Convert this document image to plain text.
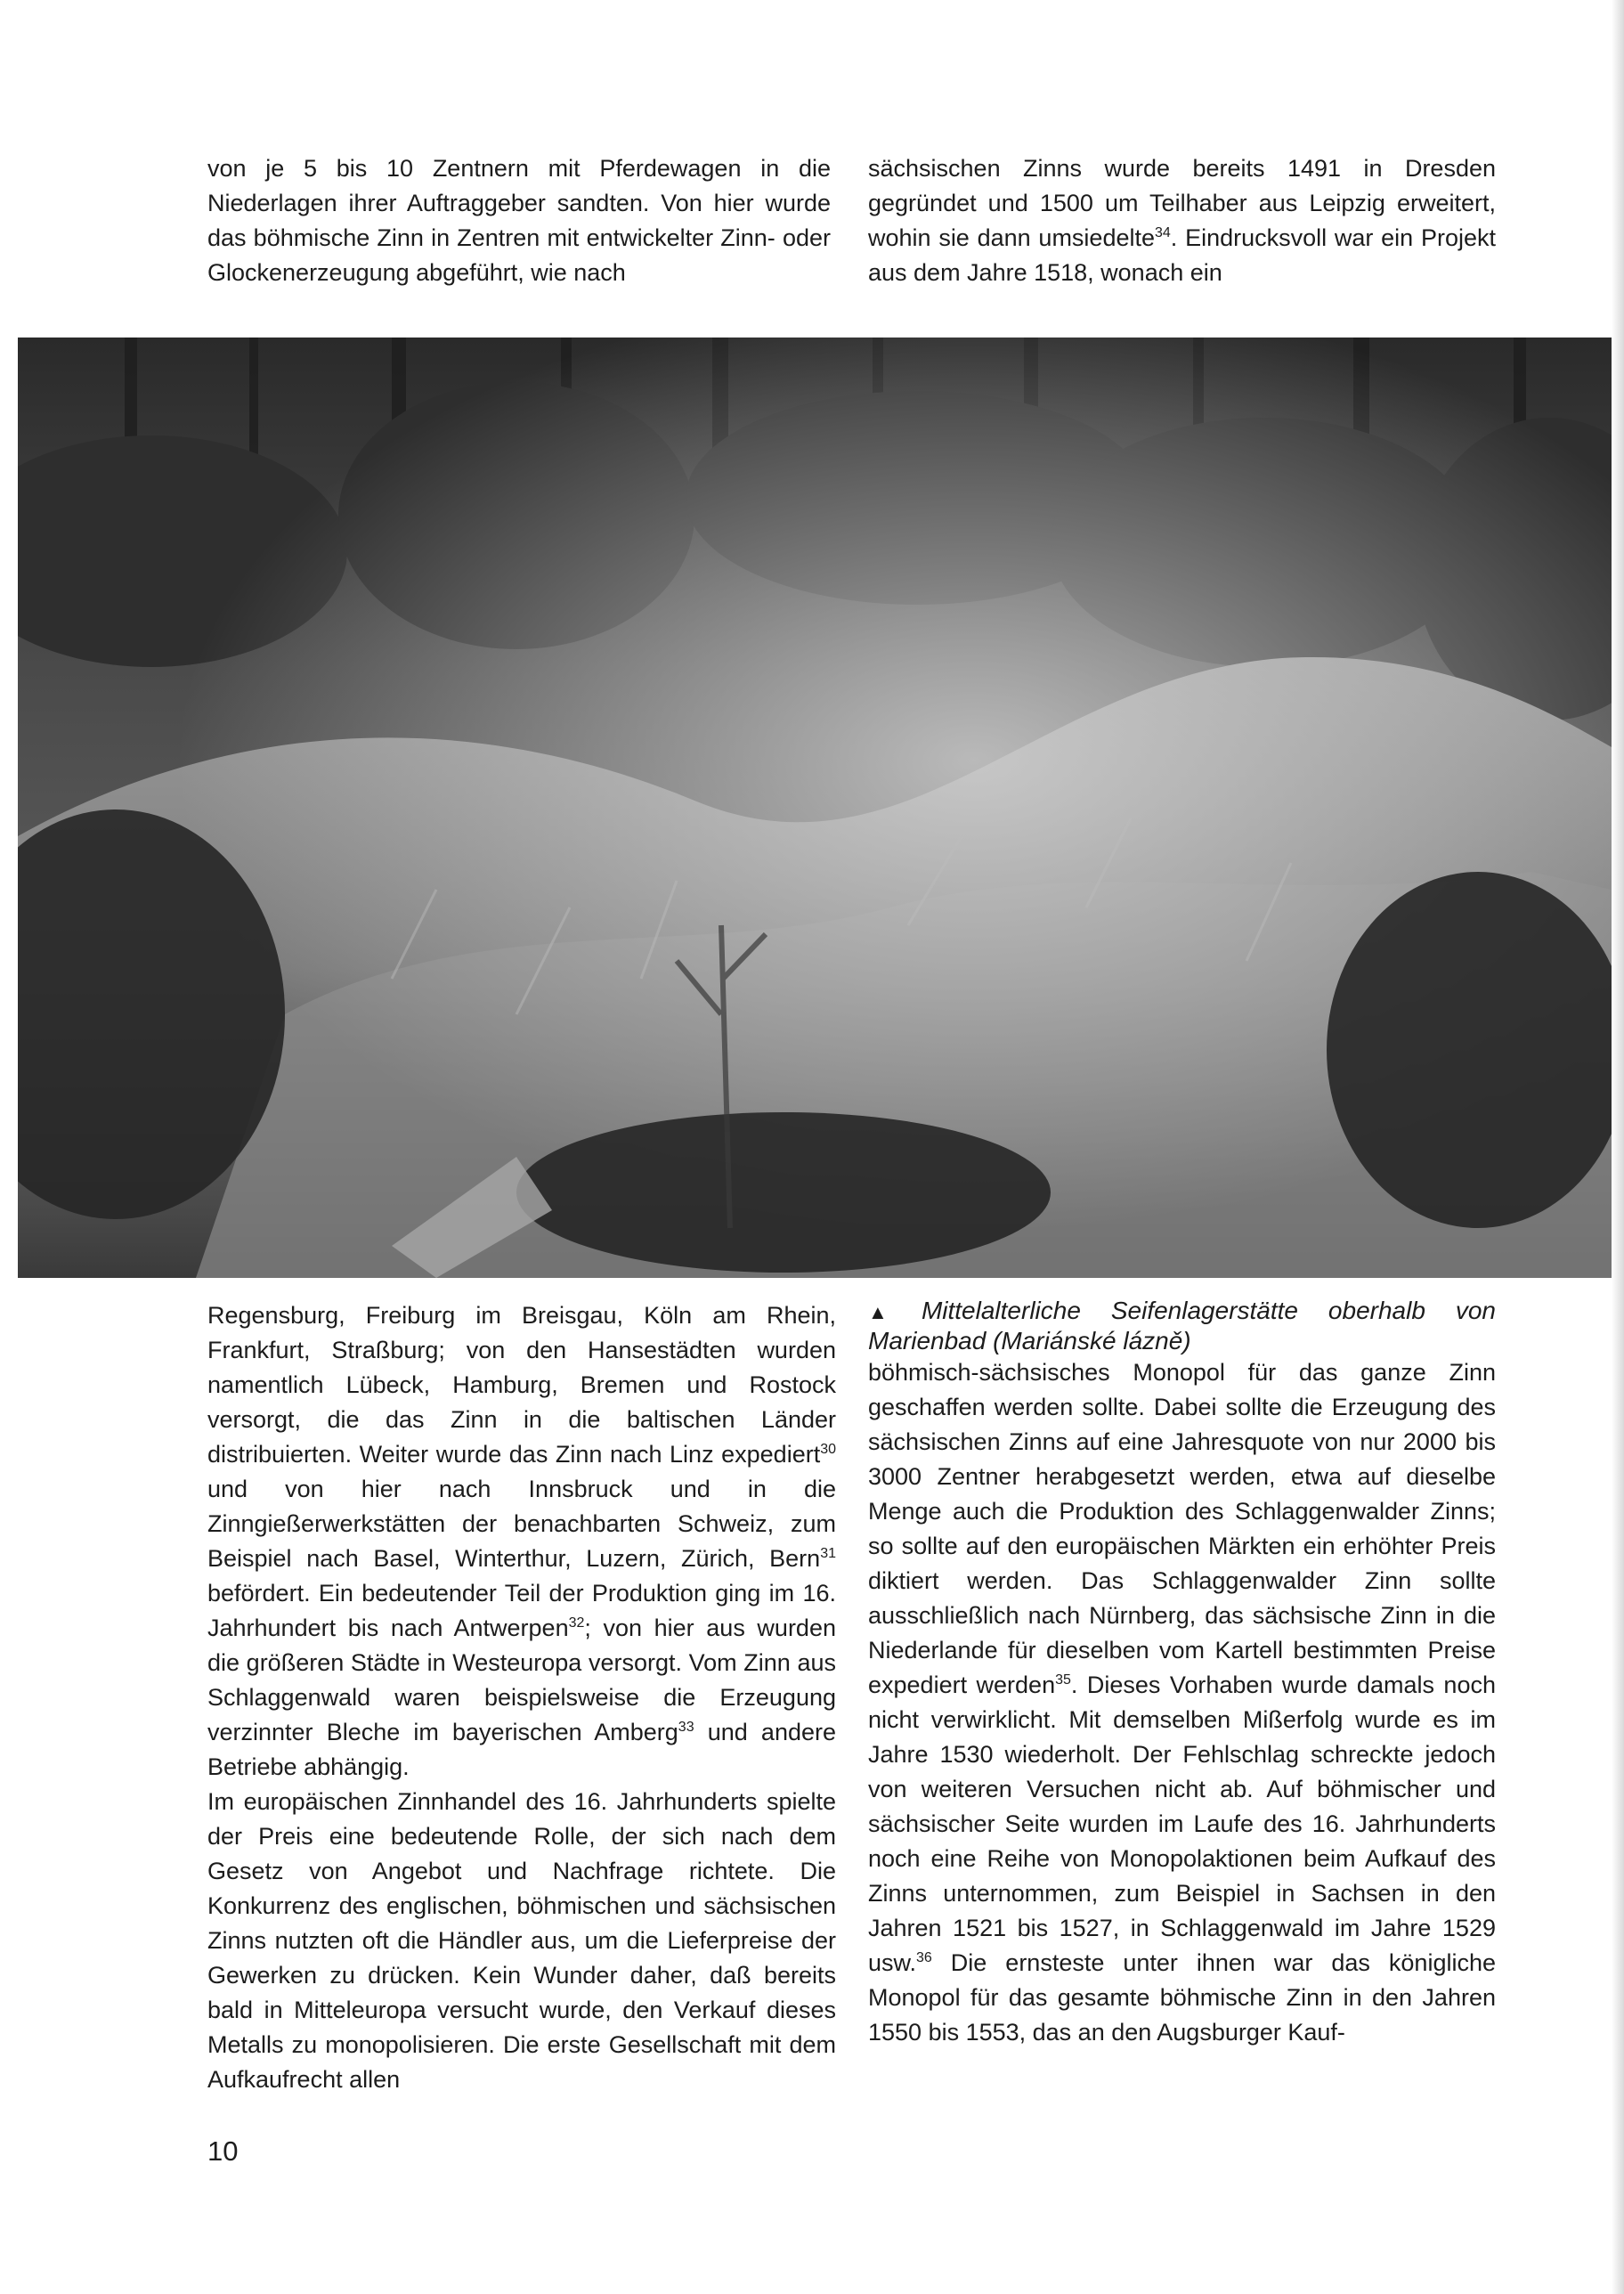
von je 5 bis 10 Zentnern mit Pferdewagen in die Niederlagen ihrer Auftraggeber sandten. Von hier wurde das böhmische Zinn in Zentren mit entwickelter Zinn- oder Glockenerzeugung abgeführt, wie nach

sächsischen Zinns wurde bereits 1491 in Dresden gegründet und 1500 um Teilhaber aus Leipzig erweitert, wohin sie dann umsiedelte$^{34}$. Eindrucksvoll war ein Projekt aus dem Jahre 1518, wonach ein

Regensburg, Freiburg im Breisgau, Köln am Rhein, Frankfurt, Straßburg; von den Hansestädten wurden namentlich Lübeck, Hamburg, Bremen und Rostock versorgt, die das Zinn in die baltischen Länder distribuierten. Weiter wurde das Zinn nach Linz expediert$^{30}$ und von hier nach Innsbruck und in die Zinngießerwerkstätten der benachbarten Schweiz, zum Beispiel nach Basel, Winterthur, Luzern, Zürich, Bern$^{31}$ befördert. Ein bedeutender Teil der Produktion ging im 16. Jahrhundert bis nach Antwerpen$^{32}$; von hier aus wurden die größeren Städte in Westeuropa versorgt. Vom Zinn aus Schlaggenwald waren beispielsweise die Erzeugung verzinnter Bleche im bayerischen Amberg$^{33}$ und andere Betriebe abhängig.

Im europäischen Zinnhandel des 16. Jahrhunderts spielte der Preis eine bedeutende Rolle, der sich nach dem Gesetz von Angebot und Nachfrage richtete. Die Konkurrenz des englischen, böhmischen und sächsischen Zinns nutzten oft die Händler aus, um die Lieferpreise der Gewerken zu drücken. Kein Wunder daher, daß bereits bald in Mitteleuropa versucht wurde, den Verkauf dieses Metalls zu monopolisieren. Die erste Gesellschaft mit dem Aufkaufrecht allen

▲ Mittelalterliche Seifenlagerstätte oberhalb von Marienbad (Mariánské lázně)

böhmisch-sächsisches Monopol für das ganze Zinn geschaffen werden sollte. Dabei sollte die Erzeugung des sächsischen Zinns auf eine Jahresquote von nur 2000 bis 3000 Zentner herabgesetzt werden, etwa auf dieselbe Menge auch die Produktion des Schlaggenwalder Zinns; so sollte auf den europäischen Märkten ein erhöhter Preis diktiert werden. Das Schlaggenwalder Zinn sollte ausschließlich nach Nürnberg, das sächsische Zinn in die Niederlande für dieselben vom Kartell bestimmten Preise expediert werden$^{35}$. Dieses Vorhaben wurde damals noch nicht verwirklicht. Mit demselben Mißerfolg wurde es im Jahre 1530 wiederholt. Der Fehlschlag schreckte jedoch von weiteren Versuchen nicht ab. Auf böhmischer und sächsischer Seite wurden im Laufe des 16. Jahrhunderts noch eine Reihe von Monopolaktionen beim Aufkauf des Zinns unternommen, zum Beispiel in Sachsen in den Jahren 1521 bis 1527, in Schlaggenwald im Jahre 1529 usw.$^{36}$ Die ernsteste unter ihnen war das königliche Monopol für das gesamte böhmische Zinn in den Jahren 1550 bis 1553, das an den Augsburger Kauf-

10
